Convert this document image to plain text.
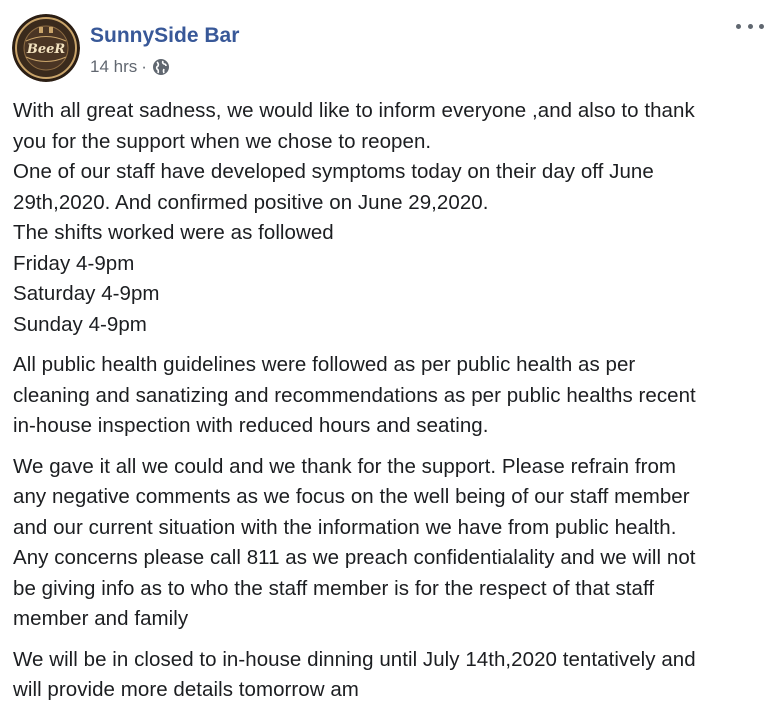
BeeR
SunnySide Bar
14 hrs ·

With all great sadness, we would like to inform everyone ,and also to thank
you for the support when we chose to reopen.
One of our staff have developed symptoms today on their day off June
29th,2020. And confirmed positive on June 29,2020.
The shifts worked were as followed
Friday 4-9pm
Saturday 4-9pm
Sunday 4-9pm

All public health guidelines were followed as per public health as per
cleaning and sanatizing and recommendations as per public healths recent
in-house inspection with reduced hours and seating.

We gave it all we could and we thank for the support. Please refrain from
any negative comments as we focus on the well being of our staff member
and our current situation with the information we have from public health.
Any concerns please call 811 as we preach confidentialality and we will not
be giving info as to who the staff member is for the respect of that staff
member and family

We will be in closed to in-house dinning until July 14th,2020 tentatively and
will provide more details tomorrow am
